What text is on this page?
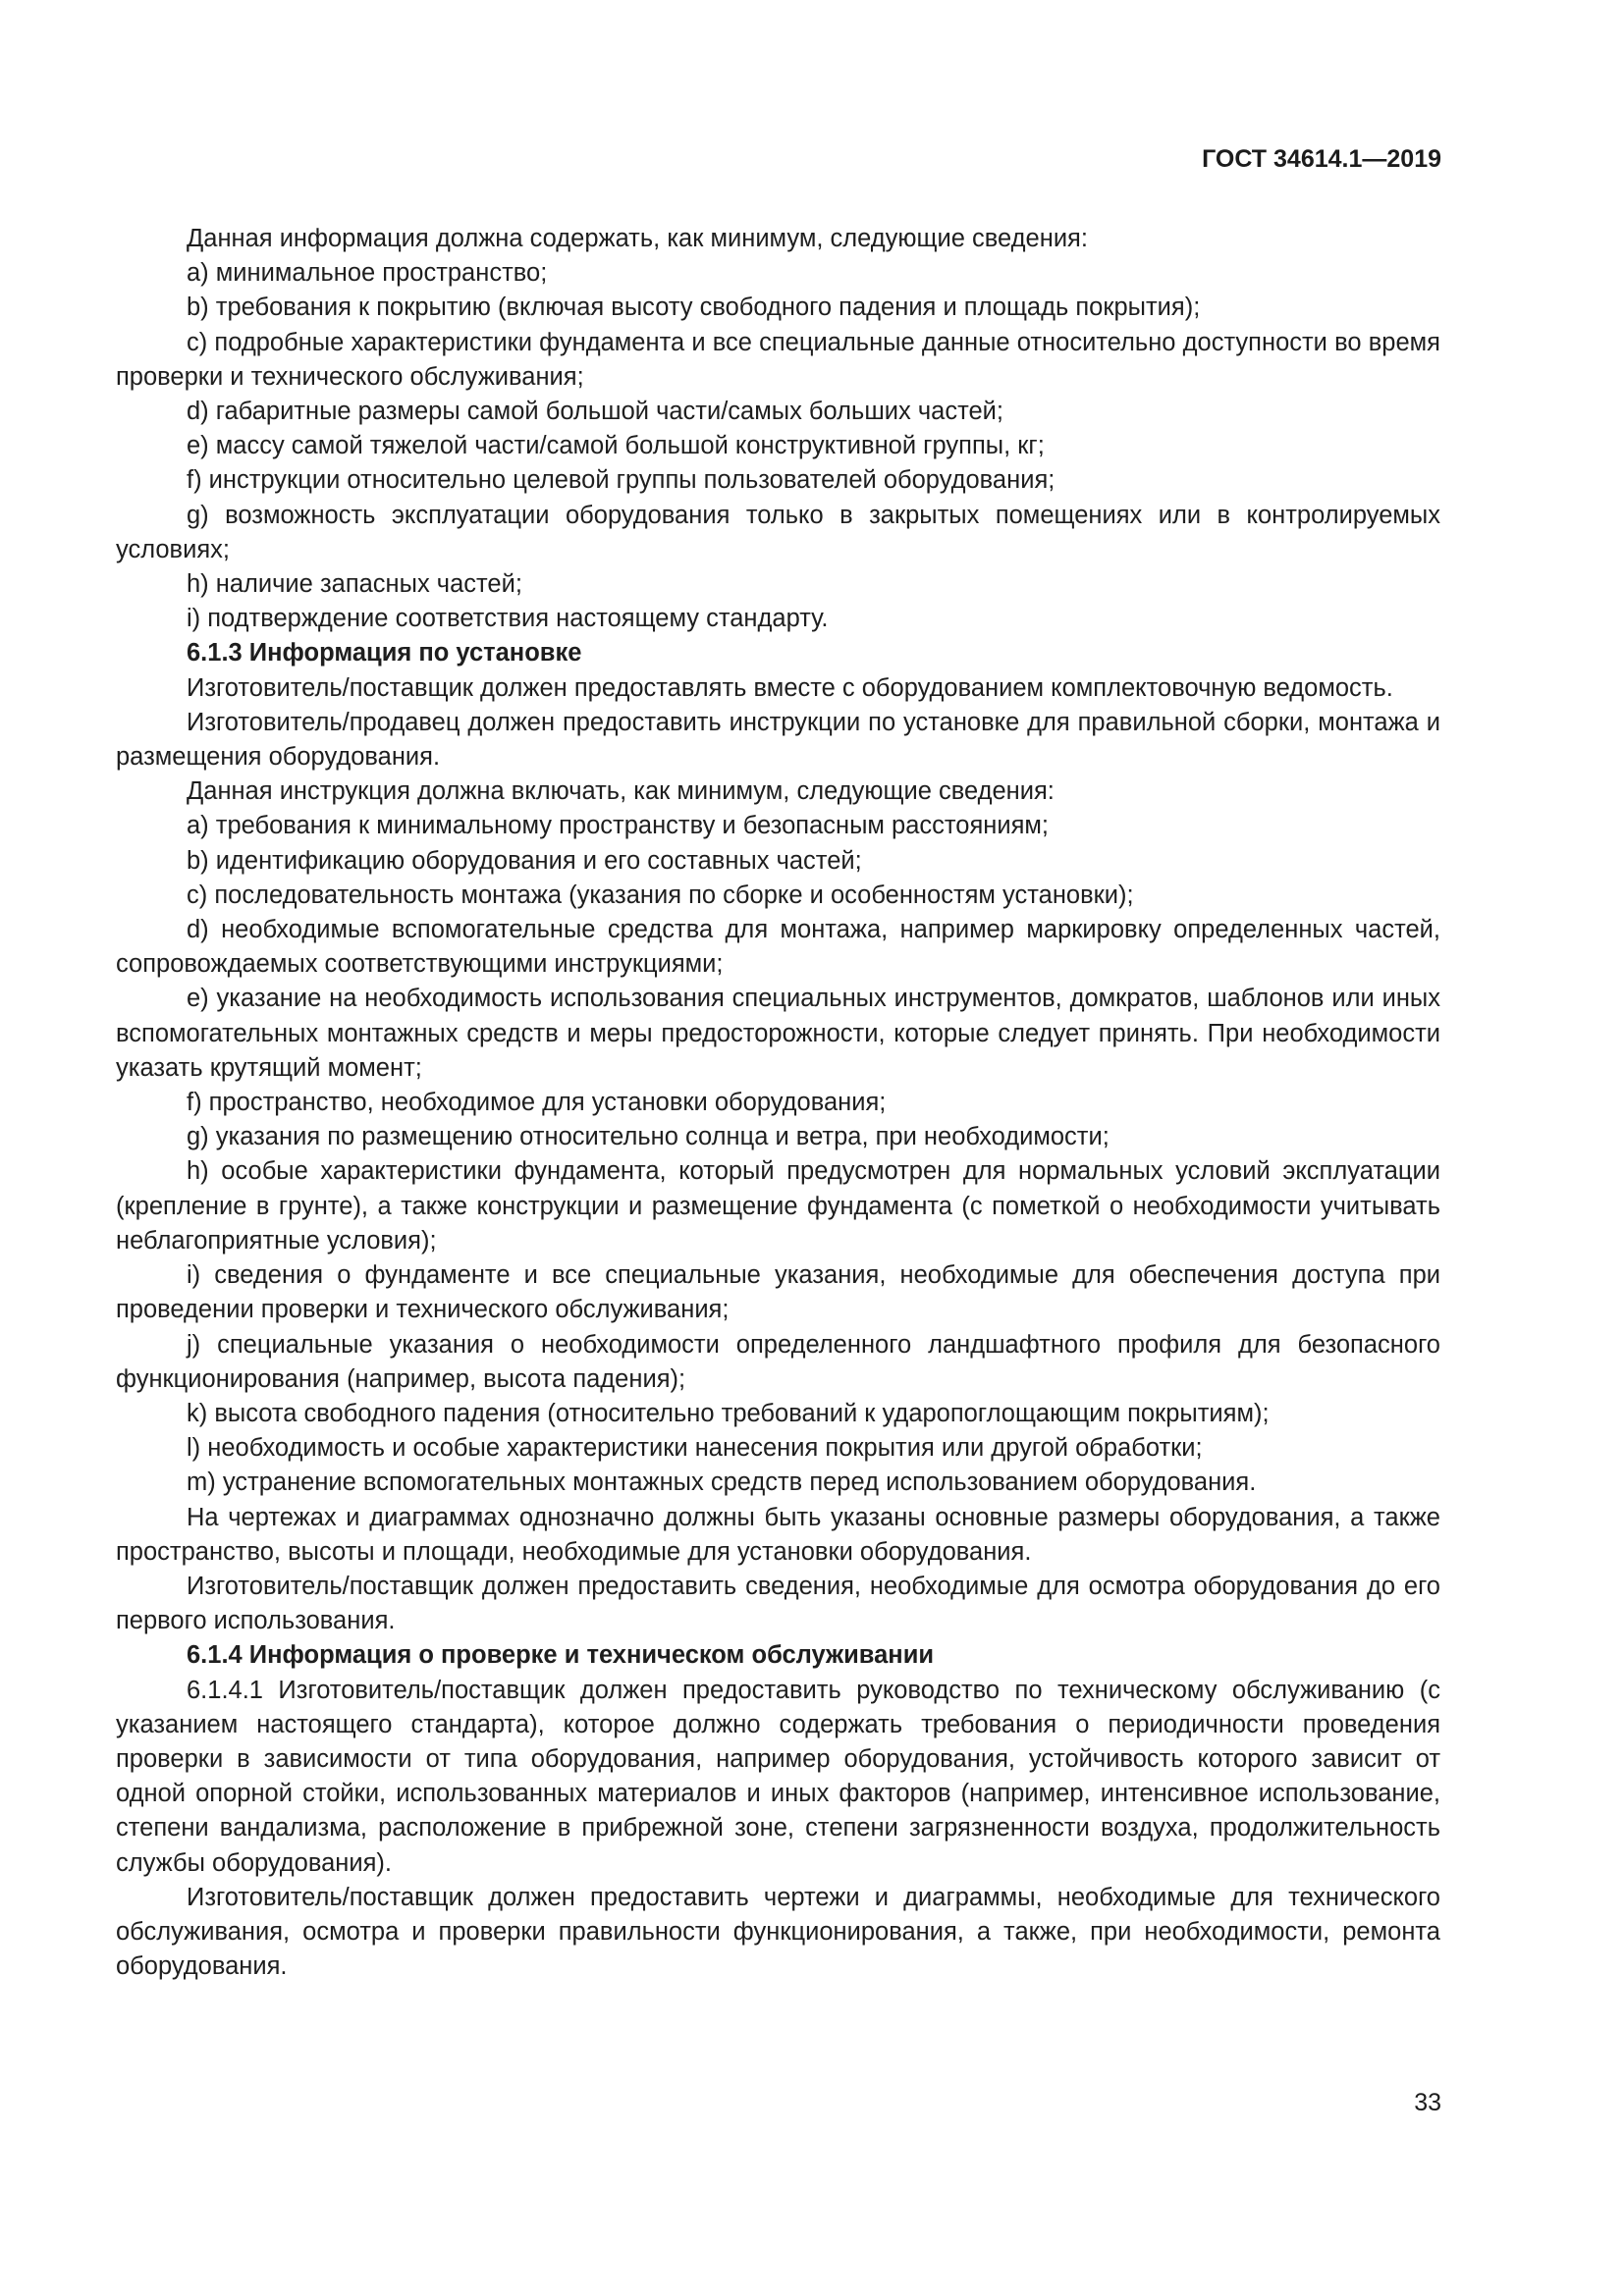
ГОСТ 34614.1—2019

Данная информация должна содержать, как минимум, следующие сведения:

a) минимальное пространство;

b) требования к покрытию (включая высоту свободного падения и площадь покрытия);

c) подробные характеристики фундамента и все специальные данные относительно доступности во время проверки и технического обслуживания;

d) габаритные размеры самой большой части/самых больших частей;

e) массу самой тяжелой части/самой большой конструктивной группы, кг;

f) инструкции относительно целевой группы пользователей оборудования;

g) возможность эксплуатации оборудования только в закрытых помещениях или в контролируемых условиях;

h) наличие запасных частей;

i) подтверждение соответствия настоящему стандарту.

6.1.3 Информация по установке

Изготовитель/поставщик должен предоставлять вместе с оборудованием комплектовочную ведомость.

Изготовитель/продавец должен предоставить инструкции по установке для правильной сборки, монтажа и размещения оборудования.

Данная инструкция должна включать, как минимум, следующие сведения:

a) требования к минимальному пространству и безопасным расстояниям;

b) идентификацию оборудования и его составных частей;

c) последовательность монтажа (указания по сборке и особенностям установки);

d) необходимые вспомогательные средства для монтажа, например маркировку определенных частей, сопровождаемых соответствующими инструкциями;

e) указание на необходимость использования специальных инструментов, домкратов, шаблонов или иных вспомогательных монтажных средств и меры предосторожности, которые следует принять. При необходимости указать крутящий момент;

f) пространство, необходимое для установки оборудования;

g) указания по размещению относительно солнца и ветра, при необходимости;

h) особые характеристики фундамента, который предусмотрен для нормальных условий эксплуатации (крепление в грунте), а также конструкции и размещение фундамента (с пометкой о необходимости учитывать неблагоприятные условия);

i) сведения о фундаменте и все специальные указания, необходимые для обеспечения доступа при проведении проверки и технического обслуживания;

j) специальные указания о необходимости определенного ландшафтного профиля для безопасного функционирования (например, высота падения);

k) высота свободного падения (относительно требований к ударопоглощающим покрытиям);

l) необходимость и особые характеристики нанесения покрытия или другой обработки;

m) устранение вспомогательных монтажных средств перед использованием оборудования.

На чертежах и диаграммах однозначно должны быть указаны основные размеры оборудования, а также пространство, высоты и площади, необходимые для установки оборудования.

Изготовитель/поставщик должен предоставить сведения, необходимые для осмотра оборудования до его первого использования.

6.1.4 Информация о проверке и техническом обслуживании

6.1.4.1 Изготовитель/поставщик должен предоставить руководство по техническому обслуживанию (с указанием настоящего стандарта), которое должно содержать требования о периодичности проведения проверки в зависимости от типа оборудования, например оборудования, устойчивость которого зависит от одной опорной стойки, использованных материалов и иных факторов (например, интенсивное использование, степени вандализма, расположение в прибрежной зоне, степени загрязненности воздуха, продолжительность службы оборудования).

Изготовитель/поставщик должен предоставить чертежи и диаграммы, необходимые для технического обслуживания, осмотра и проверки правильности функционирования, а также, при необходимости, ремонта оборудования.

33
